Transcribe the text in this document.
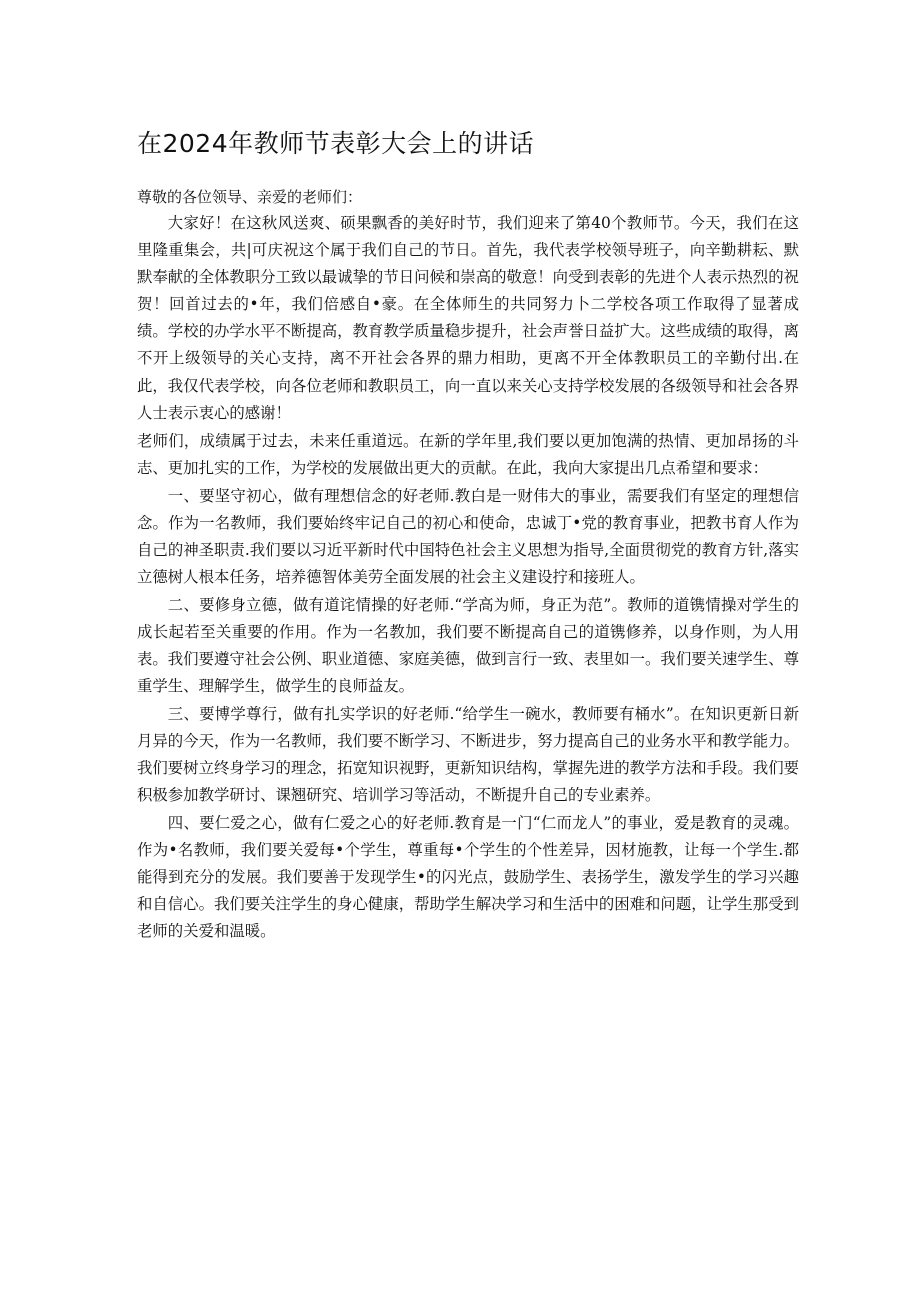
在2024年教师节表彰大会上的讲话

尊敬的各位领导、亲爱的老师们：

大家好！在这秋风送爽、硕果飘香的美好时节，我们迎来了第40个教师节。今天，我们在这里隆重集会，共|可庆祝这个属于我们自己的节日。首先，我代表学校领导班子，向辛勤耕耘、默默奉献的全体教职分工致以最诚挚的节日问候和崇高的敬意！向受到表彰的先进个人表示热烈的祝贺！回首过去的•年，我们倍感自•豪。在全体师生的共同努力卜二学校各项工作取得了显著成绩。学校的办学水平不断提高，教育教学质量稳步提升，社会声誉日益扩大。这些成绩的取得，离不开上级领导的关心支持，离不开社会各界的鼎力相助，更离不开全体教职员工的辛勤付出.在此，我仅代表学校，向各位老师和教职员工，向一直以来关心支持学校发展的各级领导和社会各界人士表示衷心的感谢！

老师们，成绩属于过去，未来任重道远。在新的学年里,我们要以更加饱满的热情、更加昂扬的斗志、更加扎实的工作，为学校的发展做出更大的贡献。在此，我向大家提出几点希望和要求：

一、要坚守初心，做有理想信念的好老师.教白是一财伟大的事业，需要我们有坚定的理想信念。作为一名教师，我们要始终牢记自己的初心和使命，忠诚丁•党的教育事业，把教书育人作为自己的神圣职责.我们要以习近平新时代中国特色社会主义思想为指导,全面贯彻党的教育方针,落实立德树人根本任务，培养德智体美劳全面发展的社会主义建设拧和接班人。

二、要修身立德，做有道诧情操的好老师.“学高为师，身正为范”。教师的道镌情操对学生的成长起若至关重要的作用。作为一名教加，我们要不断提高自己的道镌修养，以身作则，为人用表。我们要遵守社会公例、职业道德、家庭美德，做到言行一致、表里如一。我们要关速学生、尊重学生、理解学生，做学生的良师益友。

三、要博学尊行，做有扎实学识的好老师.“给学生一碗水，教师要有桶水”。在知识更新日新月异的今天，作为一名教师，我们要不断学习、不断进步，努力提高自己的业务水平和教学能力。我们要树立终身学习的理念，拓宽知识视野，更新知识结构，掌握先进的教学方法和手段。我们要积极参加教学研讨、课翘研究、培训学习等活动，不断提升自己的专业素养。

四、要仁爱之心，做有仁爱之心的好老师.教育是一门“仁而龙人”的事业，爱是教育的灵魂。作为•名教师，我们要关爱每•个学生，尊重每•个学生的个性差异，因材施教，让每一个学生.都能得到充分的发展。我们要善于发现学生•的闪光点，鼓励学生、表扬学生，激发学生的学习兴趣和自信心。我们要关注学生的身心健康，帮助学生解决学习和生活中的困难和问题，让学生那受到老师的关爱和温暖。
